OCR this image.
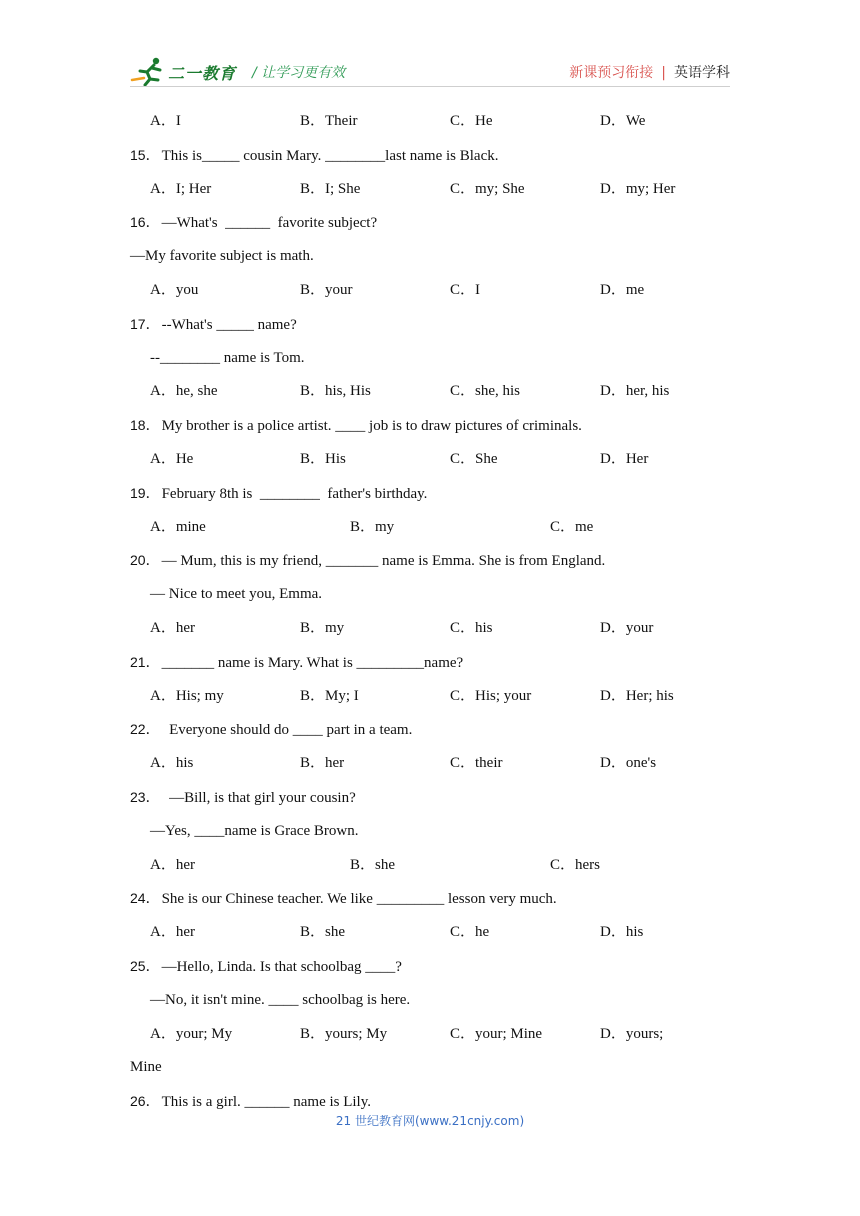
二一教育 / 让学习更有效	新课预习衔接 | 英语学科
A．I	B．Their	C．He	D．We
15． This is_____ cousin Mary. ________last name is Black.
A．I; Her	B．I; She	C．my; She	D．my; Her
16． —What's  ______  favorite subject?
—My favorite subject is math.
A．you	B．your	C．I	D．me
17． --What's _____ name?
--________ name is Tom.
A．he, she	B．his, His	C．she, his	D．her, his
18． My brother is a police artist. ____ job is to draw pictures of criminals.
A．He	B．His	C．She	D．Her
19． February 8th is  ________  father's birthday.
A．mine	B．my	C．me
20． — Mum, this is my friend, _______ name is Emma. She is from England.
— Nice to meet you, Emma.
A．her	B．my	C．his	D．your
21． _______ name is Mary. What is _________name?
A．His; my	B．My; I	C．His; your	D．Her; his
22．  Everyone should do ____ part in a team.
A．his	B．her	C．their	D．one's
23．  —Bill, is that girl your cousin?
—Yes, ____name is Grace Brown.
A．her	B．she	C．hers
24． She is our Chinese teacher. We like _________ lesson very much.
A．her	B．she	C．he	D．his
25． —Hello, Linda. Is that schoolbag ____?
—No, it isn't mine. ____ schoolbag is here.
A．your; My	B．yours; My	C．your; Mine	D．yours;
Mine
26． This is a girl. ______ name is Lily.
21 世纪教育网(www.21cnjy.com)
